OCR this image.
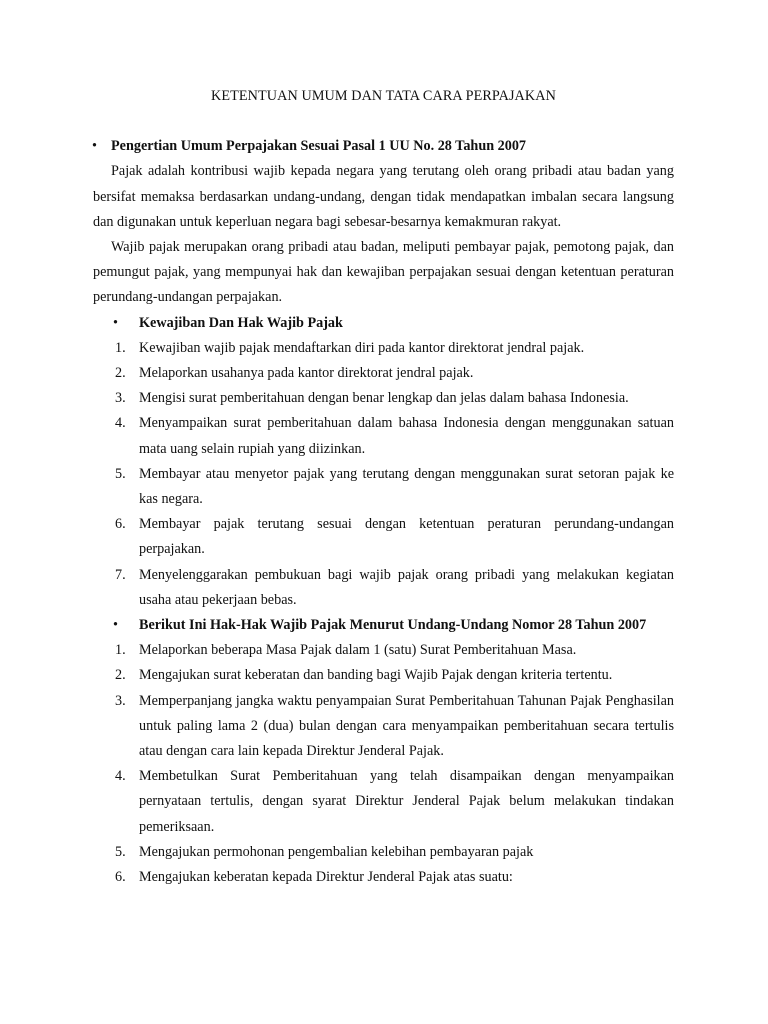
KETENTUAN UMUM DAN TATA CARA PERPAJAKAN
• Pengertian Umum Perpajakan Sesuai Pasal 1 UU No. 28 Tahun 2007

Pajak adalah kontribusi wajib kepada negara yang terutang oleh orang pribadi atau badan yang bersifat memaksa berdasarkan undang-undang, dengan tidak mendapatkan imbalan secara langsung dan digunakan untuk keperluan negara bagi sebesar-besarnya kemakmuran rakyat.

Wajib pajak merupakan orang pribadi atau badan, meliputi pembayar pajak, pemotong pajak, dan pemungut pajak, yang mempunyai hak dan kewajiban perpajakan sesuai dengan ketentuan peraturan perundang-undangan perpajakan.

• Kewajiban Dan Hak Wajib Pajak
1. Kewajiban wajib pajak mendaftarkan diri pada kantor direktorat jendral pajak.
2. Melaporkan usahanya pada kantor direktorat jendral pajak.
3. Mengisi surat pemberitahuan dengan benar lengkap dan jelas dalam bahasa Indonesia.
4. Menyampaikan surat pemberitahuan dalam bahasa Indonesia dengan menggunakan satuan mata uang selain rupiah yang diizinkan.
5. Membayar atau menyetor pajak yang terutang dengan menggunakan surat setoran pajak ke kas negara.
6. Membayar pajak terutang sesuai dengan ketentuan peraturan perundang-undangan perpajakan.
7. Menyelenggarakan pembukuan bagi wajib pajak orang pribadi yang melakukan kegiatan usaha atau pekerjaan bebas.
• Berikut Ini Hak-Hak Wajib Pajak Menurut Undang-Undang Nomor 28 Tahun 2007
1. Melaporkan beberapa Masa Pajak dalam 1 (satu) Surat Pemberitahuan Masa.
2. Mengajukan surat keberatan dan banding bagi Wajib Pajak dengan kriteria tertentu.
3. Memperpanjang jangka waktu penyampaian Surat Pemberitahuan Tahunan Pajak Penghasilan untuk paling lama 2 (dua) bulan dengan cara menyampaikan pemberitahuan secara tertulis atau dengan cara lain kepada Direktur Jenderal Pajak.
4. Membetulkan Surat Pemberitahuan yang telah disampaikan dengan menyampaikan pernyataan tertulis, dengan syarat Direktur Jenderal Pajak belum melakukan tindakan pemeriksaan.
5. Mengajukan permohonan pengembalian kelebihan pembayaran pajak
6. Mengajukan keberatan kepada Direktur Jenderal Pajak atas suatu:
